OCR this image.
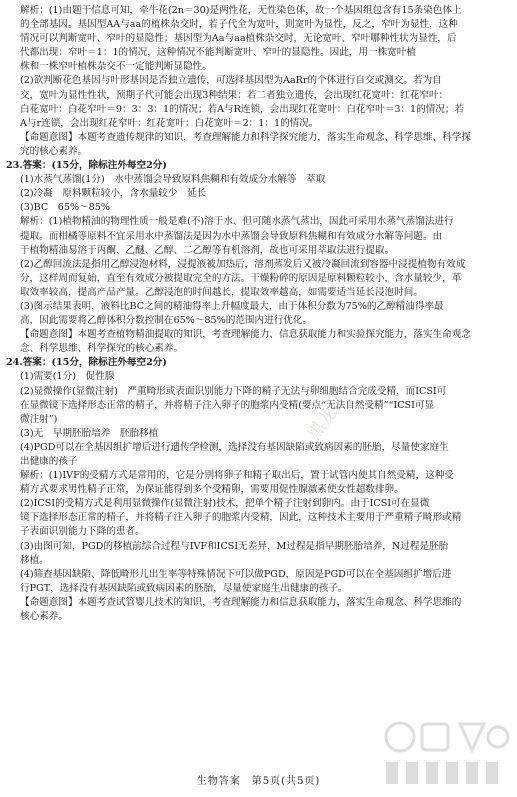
解析：(1)由题干信息可知，牵牛花(2n＝30)是两性花，无性染色体，故一个基因组包含有15条染色体上
的全部基因。基因型AA与aa的植株杂交时，若子代全为宽叶，则宽叶为显性，反之，窄叶为显性，这种
情况可以判断宽叶、窄叶的显隐性；基因型为Aa与aa植株杂交时，无论宽叶、窄叶哪种性状为显性，后
代都出现：窄叶＝1：1的情况，这种情况不能判断宽叶、窄叶的显隐性。因此，用一株宽叶植
株和一株窄叶植株杂交不一定能判断显隐性。
(2)欲判断花色基因与叶形基因是否独立遗传，可选择基因型为AaRr的个体进行自交或测交。若为自
交，宽叶为显性性状，预期子代可能会出现3种结果：若二者独立遗传，会出现红花宽叶：红花窄叶：
白花宽叶：白花窄叶＝9：3：3：1的情况；若A与R连锁，会出现红花宽叶：白花窄叶＝3：1的情况；若
A与r连锁，会出现红花窄叶：红花宽叶：白花宽叶＝2：1：1的情况。
【命题意图】本题考查遗传规律的知识，考查理解能力和科学探究能力，落实生命观念、科学思维、科学探
究的核心素养。
23.答案：(15分，除标注外每空2分)
(1)水蒸气蒸馏(1分)　水中蒸馏会导致原料焦糊和有效成分水解等　萃取
(2)冷凝　原料颗粒较小，含水量较少　延长
(3)BC　65%～85%
解析：(1)植物精油的物理性质一般是难(不)溶于水、但可随水蒸气蒸出，因此可采用水蒸气蒸馏法进行
提取。而柑橘等原料不宜采用水中蒸馏法是因为水中蒸馏会导致原料焦糊和有效成分水解等问题。由
于植物精油易溶于丙酮、乙醚、乙醇、二乙醇等有机溶剂，故也可采用萃取法进行提取。
(2)乙醇回流法是指用乙醇浸泡材料，浸提液被加热后，溶剂蒸发后又被冷凝回流到容器中浸提植物有效成
分，这样周而复始，直至有效成分被提取完全的方法。干燥粉碎的原因是原料颗粒较小，含水量较少，革
取效率较高，提高产品产量。乙醇浸泡的时间越长，提取效率越高，如需要适当延长浸泡时间。
(3)图示结果表明，液料比BC之间的精油得率上升幅度最大，由于体积分数为75%的乙醇精油得率最
高，因此需要将乙醇体积分数控制在65%～85%的范围内进行优化。
【命题意图】本题考查植物精油提取的知识，考查理解能力、信息获取能力和实验探究能力，落实生命观念
念、科学思维、科学探究的核心素养。
24.答案：(15分，除标注外每空2分)
(1)需要(1分)　促性腺
(2)显微操作(显微注射)　严重畸形或表面识别能力下降的精子无法与卵细胞结合完成受精，而ICSI可
在显微镜下选择形态正常的精子，并将精子注入卵子的胞浆内受精(要点“无法自然受精”“ICSI可显
微注射”)
(3)无　早期胚胎培养　胚胎移植
(4)PGD可以在全基因组扩增后进行遗传学检测，选择没有基因缺陷或致病因素的胚胎，尽量使家庭生
出健康的孩子
解析：(1)IVF的受精方式是常用的，它是分别将卵子和精子取出后，置于试管内使其自然受精，这种受
精方式要求男性精子正常，为保证能得到多个受精卵，需要用促性腺激素使女性超数排卵。
(2)ICSI的受精方式是利用显微操作(显微注射)技术，把单个精子注射到卵内。由于ICSI可在显微
镜下选择形态正常的精子，并将精子注入卵子的胞浆内受精，因此，这种技术主要用于严重精子畸形或精
子表面识别能力下降的患者。
(3)由图可知，PGD的移植前综合过程与IVF和ICSI无差异，M过程是指早期胚胎培养，N过程是胚胎
移植。
(4)筛查基因缺陷、降低畸形儿出生率等特殊情况下可以做PGD，原因是PGD可以在全基因组扩增后进
行PGT，选择没有基因缺陷或致病因素的胚胎，尽量使家庭生出健康的孩子。
【命题意图】本题考查试管婴儿技术的知识，考查理解能力和信息获取能力，落实生命观念、科学思维的
核心素养。
生物答案　第5页(共5页)
黑龙江
